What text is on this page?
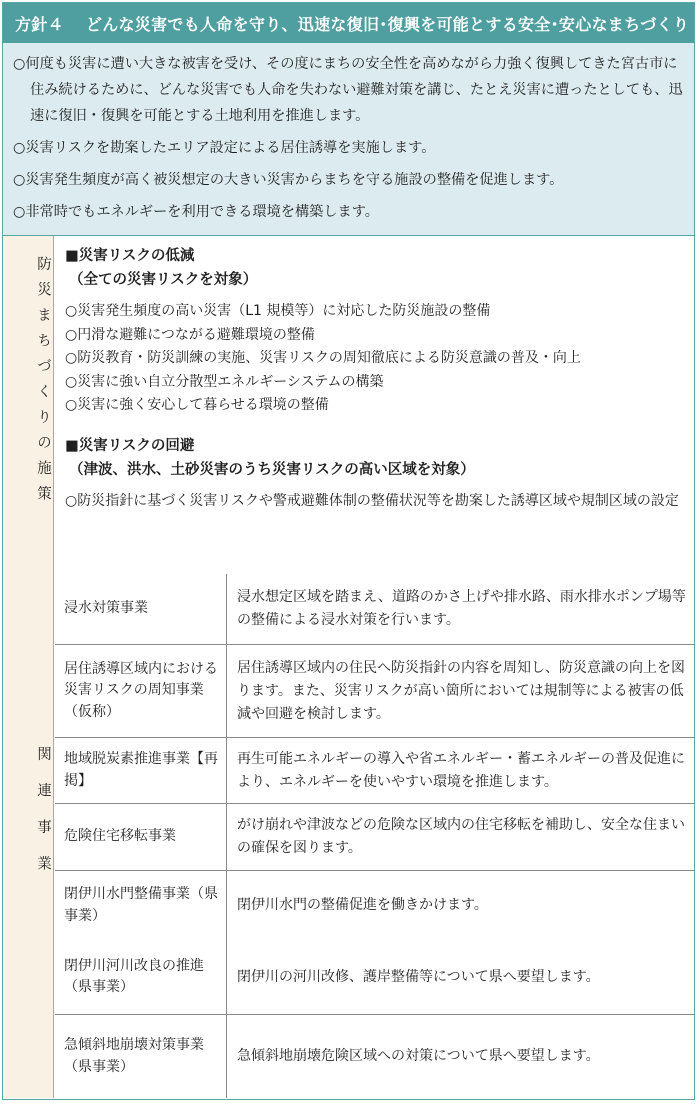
方針４ どんな災害でも人命を守り、迅速な復旧･復興を可能とする安全･安心なまちづくり

○何度も災害に遭い大きな被害を受け、その度にまちの安全性を高めながら力強く復興してきた宮古市に住み続けるために、どんな災害でも人命を失わない避難対策を講じ、たとえ災害に遭ったとしても、迅速に復旧・復興を可能とする土地利用を推進します。

○災害リスクを勘案したエリア設定による居住誘導を実施します。

○災害発生頻度が高く被災想定の大きい災害からまちを守る施設の整備を促進します。

○非常時でもエネルギーを利用できる環境を構築します。

防災まちづくりの施策
関連事業
■災害リスクの低減
（全ての災害リスクを対象）
○災害発生頻度の高い災害（L1 規模等）に対応した防災施設の整備
○円滑な避難につながる避難環境の整備
○防災教育・防災訓練の実施、災害リスクの周知徹底による防災意識の普及・向上
○災害に強い自立分散型エネルギーシステムの構築
○災害に強く安心して暮らせる環境の整備
■災害リスクの回避
（津波、洪水、土砂災害のうち災害リスクの高い区域を対象）
○防災指針に基づく災害リスクや警戒避難体制の整備状況等を勘案した誘導区域や規制区域の設定
浸水対策事業
浸水想定区域を踏まえ、道路のかさ上げや排水路、雨水排水ポンプ場等の整備による浸水対策を行います。
居住誘導区域内における災害リスクの周知事業（仮称）
居住誘導区域内の住民へ防災指針の内容を周知し、防災意識の向上を図ります。また、災害リスクが高い箇所においては規制等による被害の低減や回避を検討します。
地域脱炭素推進事業【再掲】
再生可能エネルギーの導入や省エネルギー・蓄エネルギーの普及促進により、エネルギーを使いやすい環境を推進します。
危険住宅移転事業
がけ崩れや津波などの危険な区域内の住宅移転を補助し、安全な住まいの確保を図ります。
閉伊川水門整備事業（県事業）
閉伊川水門の整備促進を働きかけます。
閉伊川河川改良の推進（県事業）
閉伊川の河川改修、護岸整備等について県へ要望します。
急傾斜地崩壊対策事業（県事業）
急傾斜地崩壊危険区域への対策について県へ要望します。
